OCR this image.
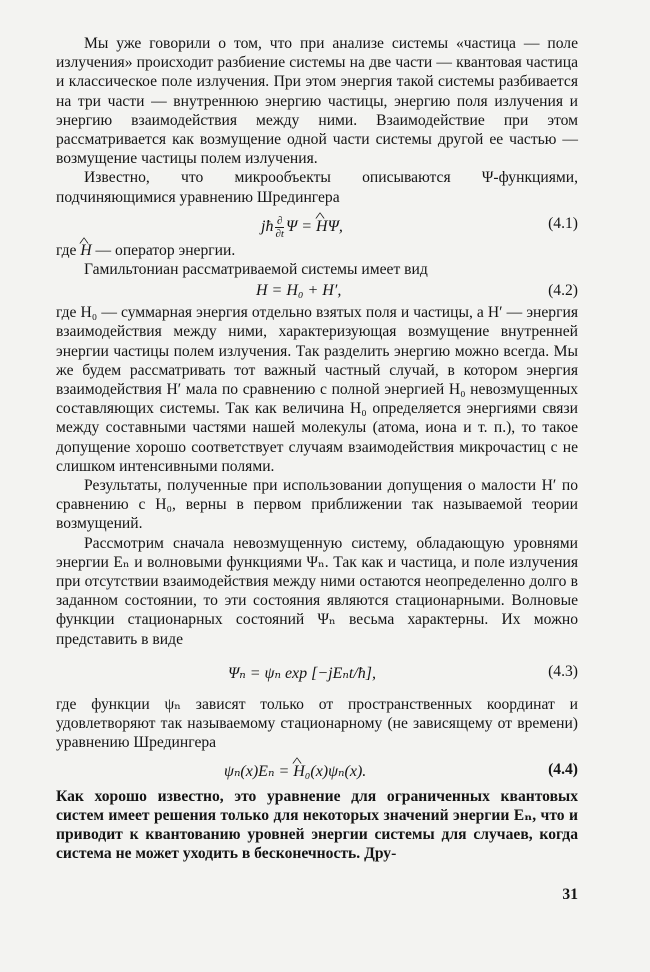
Мы уже говорили о том, что при анализе системы «частица — поле излучения» происходит разбиение системы на две части — квантовая частица и классическое поле излучения. При этом энергия такой системы разбивается на три части — внутреннюю энергию частицы, энергию поля излучения и энергию взаимодействия между ними. Взаимодействие при этом рассматривается как возмущение одной части системы другой ее частью — возмущение частицы полем излучения.

Известно, что микрообъекты описываются Ψ-функциями, подчиняющимися уравнению Шредингера

jħ $\frac{\partial}{\partial t}$ Ψ = ^ HΨ,	(4.1)

где ^ H — оператор энергии.

Гамильтониан рассматриваемой системы имеет вид

H = H₀ + H′,	(4.2)

где H₀ — суммарная энергия отдельно взятых поля и частицы, а H′ — энергия взаимодействия между ними, характеризующая возмущение внутренней энергии частицы полем излучения. Так разделить энергию можно всегда. Мы же будем рассматривать тот важный частный случай, в котором энергия взаимодействия H′ мала по сравнению с полной энергией H₀ невозмущенных составляющих системы. Так как величина H₀ определяется энергиями связи между составными частями нашей молекулы (атома, иона и т. п.), то такое допущение хорошо соответствует случаям взаимодействия микрочастиц с не слишком интенсивными полями.

Результаты, полученные при использовании допущения о малости H′ по сравнению с H₀, верны в первом приближении так называемой теории возмущений.

Рассмотрим сначала невозмущенную систему, обладающую уровнями энергии Eₙ и волновыми функциями Ψₙ. Так как и частица, и поле излучения при отсутствии взаимодействия между ними остаются неопределенно долго в заданном состоянии, то эти состояния являются стационарными. Волновые функции стационарных состояний Ψₙ весьма характерны. Их можно представить в виде

Ψₙ = ψₙ exp [−jEₙt/ħ],	(4.3)

где функции ψₙ зависят только от пространственных координат и удовлетворяют так называемому стационарному (не зависящему от времени) уравнению Шредингера

ψₙ(x)Eₙ = ^ H₀(x)ψₙ(x).	(4.4)

Как хорошо известно, это уравнение для ограниченных квантовых систем имеет решения только для некоторых значений энергии Eₙ, что и приводит к квантованию уровней энергии системы для случаев, когда система не может уходить в бесконечность. Дру-

31
